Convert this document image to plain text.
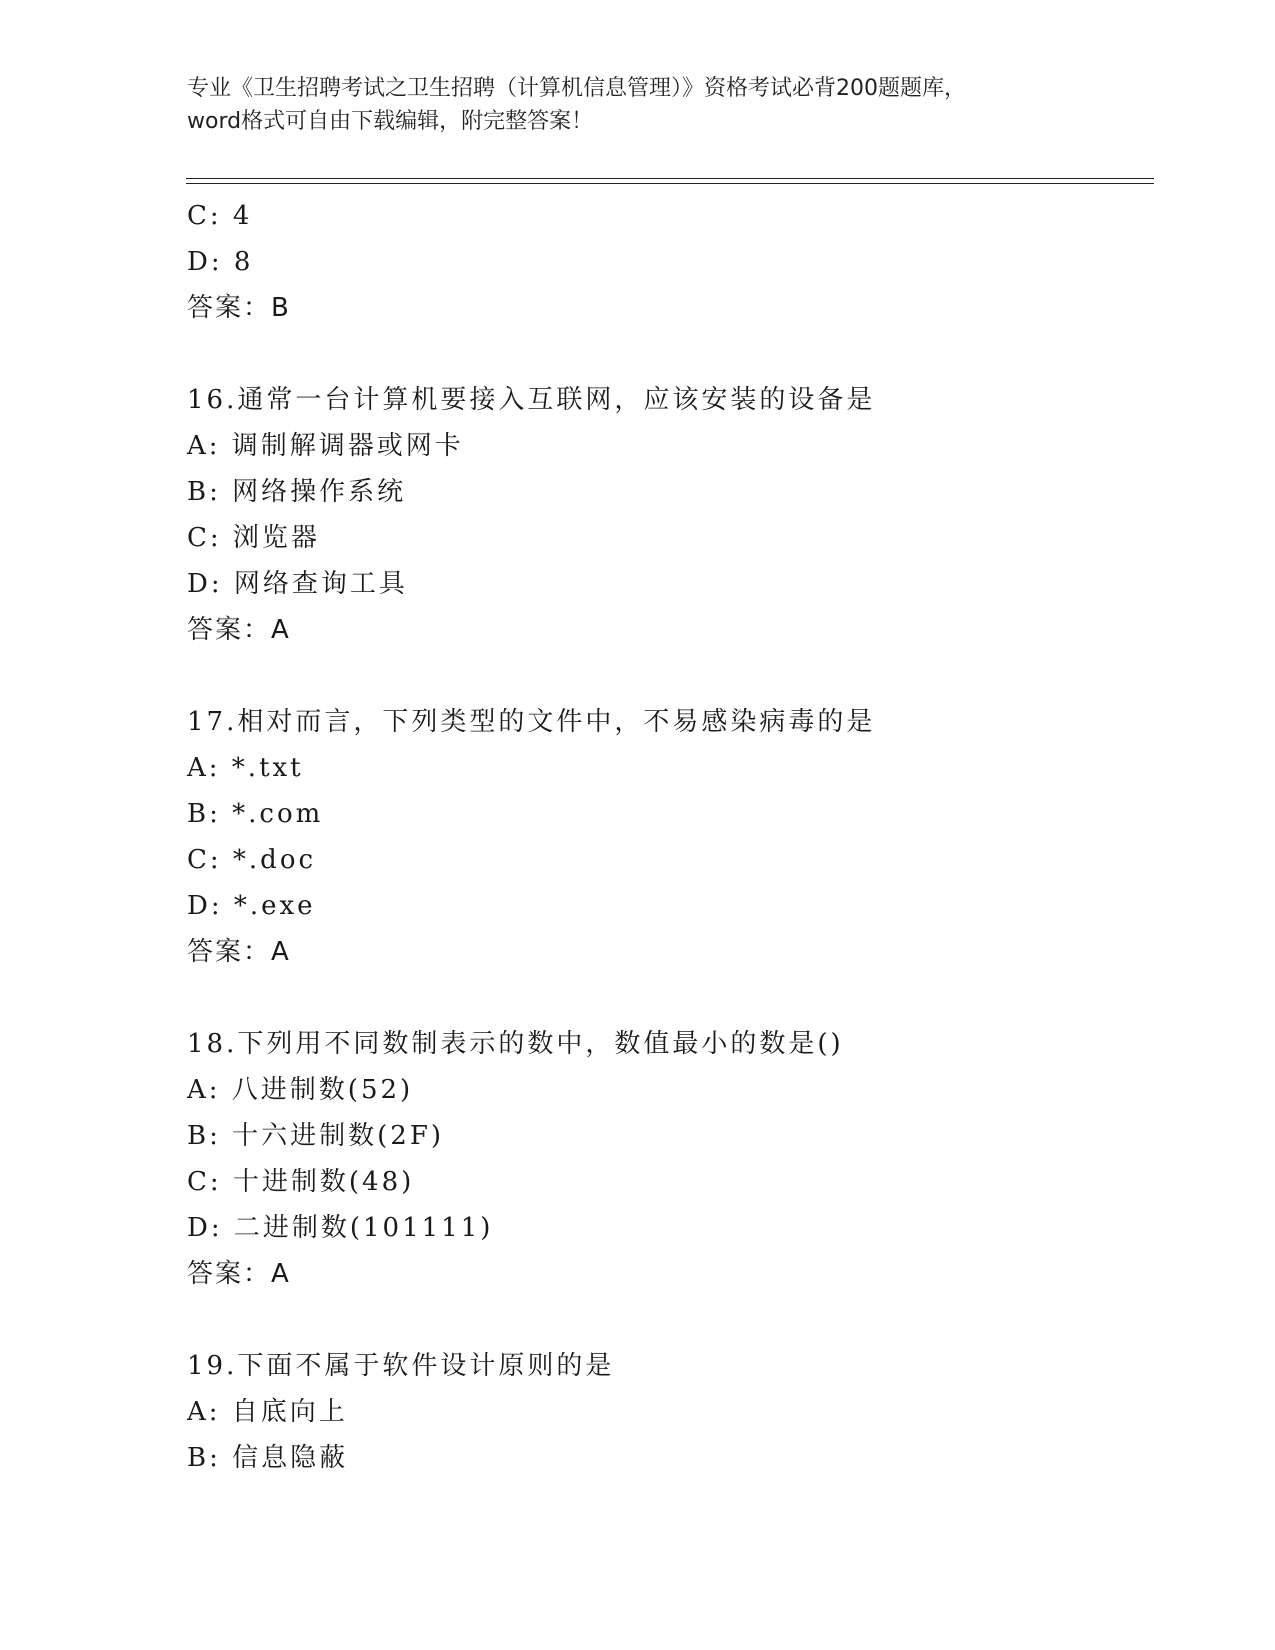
专业《卫生招聘考试之卫生招聘（计算机信息管理）》资格考试必背200题题库，
word格式可自由下载编辑，附完整答案！
C: 4
D: 8
答案：B
16.通常一台计算机要接入互联网，应该安装的设备是
A: 调制解调器或网卡
B: 网络操作系统
C: 浏览器
D: 网络查询工具
答案：A
17.相对而言，下列类型的文件中，不易感染病毒的是
A: *.txt
B: *.com
C: *.doc
D: *.exe
答案：A
18.下列用不同数制表示的数中，数值最小的数是()
A: 八进制数(52)
B: 十六进制数(2F)
C: 十进制数(48)
D: 二进制数(101111)
答案：A
19.下面不属于软件设计原则的是
A: 自底向上
B: 信息隐蔽
